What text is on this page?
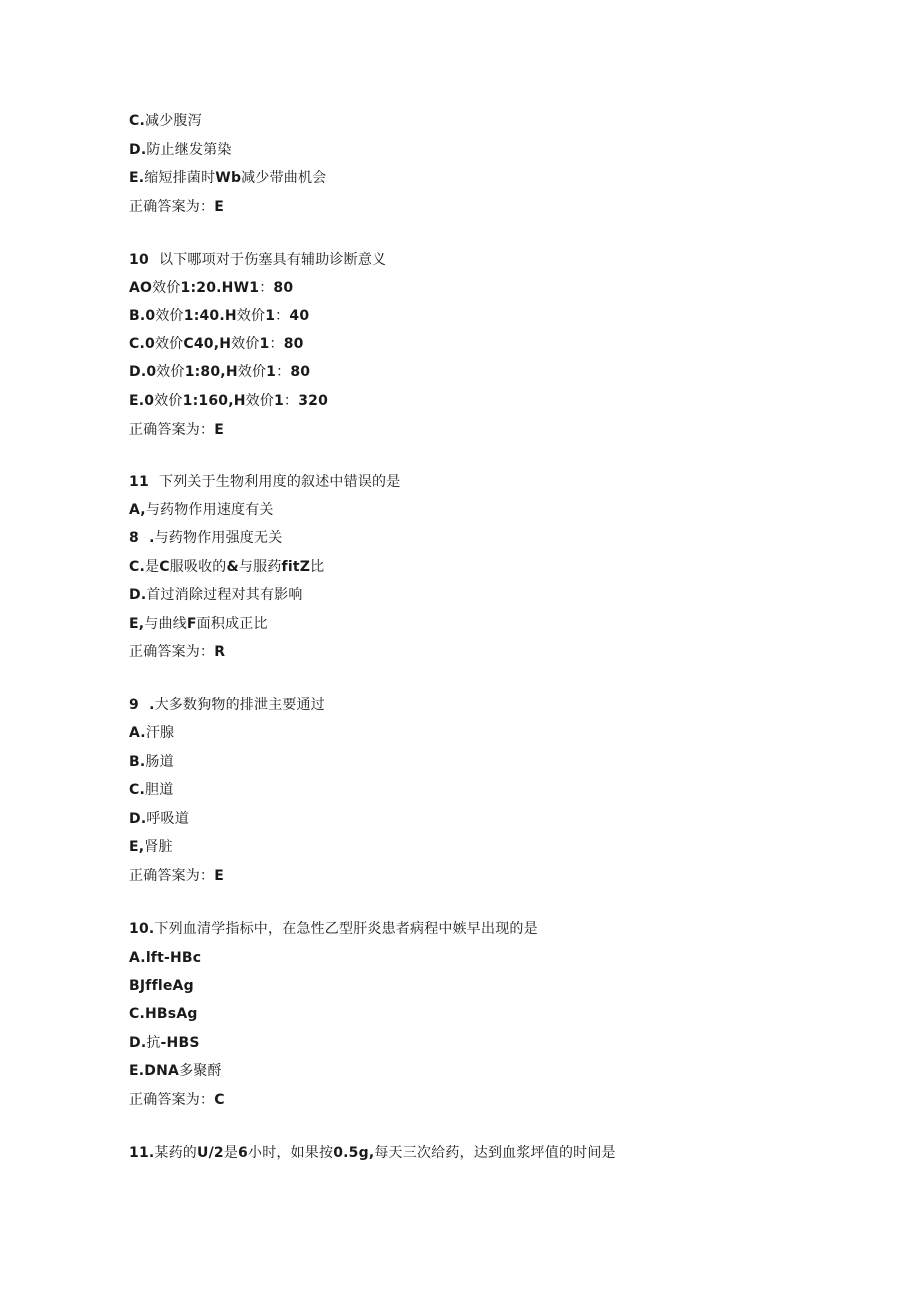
C.减少腹泻
D.防止继发第染
E.缩短排菌时Wb减少带曲机会
正确答案为：E
10  以下哪项对于伤塞具有辅助诊断意义
AO效价1:20.HW1：80
B.0效价1:40.H效价1：40
C.0效价C40,H效价1：80
D.0效价1:80,H效价1：80
E.0效价1:160,H效价1：320
正确答案为：E
11  下列关于生物利用度的叙述中错误的是
A,与药物作用速度有关
8  .与药物作用强度无关
C.是C服吸收的&与服药fitZ比
D.首过消除过程对其有影响
E,与曲线F面积成正比
正确答案为：R
9  .大多数狗物的排泄主要通过
A.汗腺
B.肠道
C.胆道
D.呼吸道
E,肾脏
正确答案为：E
10.下列血清学指标中，在急性乙型肝炎患者病程中嫉早出现的是
A.lft-HBc
BJffleAg
C.HBsAg
D.抗-HBS
E.DNA多聚酹
正确答案为：C
11.某药的U/2是6小时，如果按0.5g,每天三次给药，达到血浆坪值的时间是
